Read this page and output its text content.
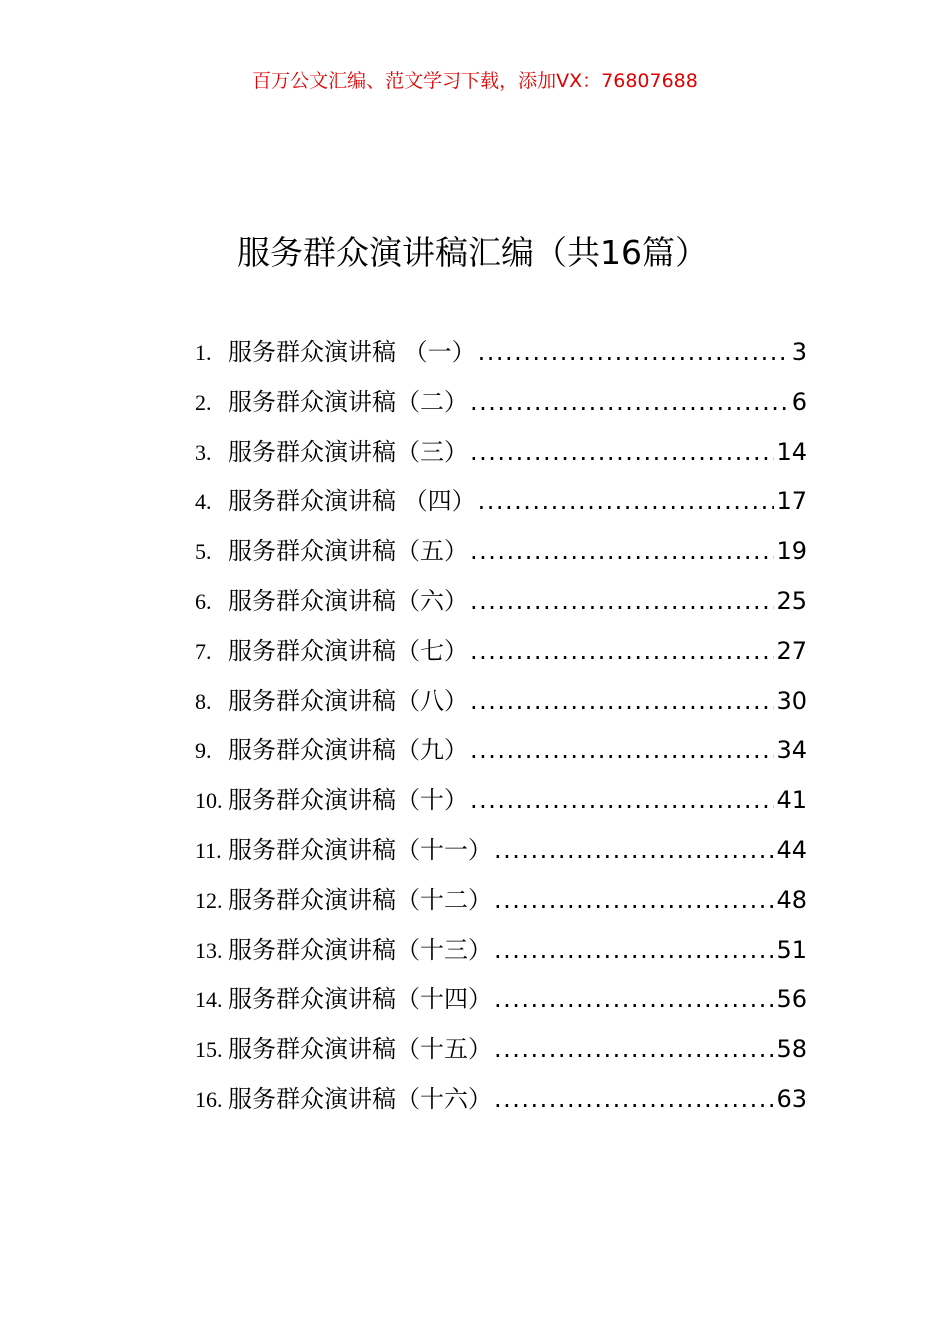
百万公文汇编、范文学习下载，添加VX：76807688
服务群众演讲稿汇编（共16篇）
1. 服务群众演讲稿 （一） .....	3
2. 服务群众演讲稿（二） .....	6
3. 服务群众演讲稿（三） .....	14
4. 服务群众演讲稿 （四） .....	17
5. 服务群众演讲稿（五） .....	19
6. 服务群众演讲稿（六） .....	25
7. 服务群众演讲稿（七） .....	27
8. 服务群众演讲稿（八） .....	30
9. 服务群众演讲稿（九） .....	34
10. 服务群众演讲稿（十） .....	41
11. 服务群众演讲稿（十一） .....	44
12. 服务群众演讲稿（十二） .....	48
13. 服务群众演讲稿（十三） .....	51
14. 服务群众演讲稿（十四） .....	56
15. 服务群众演讲稿（十五） .....	58
16. 服务群众演讲稿（十六） .....	63
